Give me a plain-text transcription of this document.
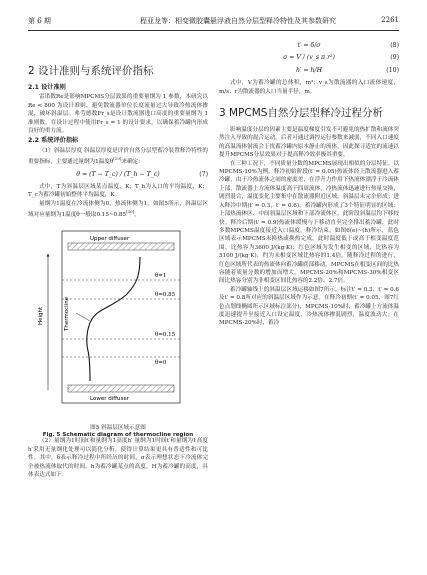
第 6 期	程亚龙等：相变微胶囊悬浮液自然分层型释冷特性及其参数研究	2261
2 设计准则与系统评价指标
2.1 设计准则

雷诺数Re是影响MPCMS分层效果的重要量纲为 1 参数，本研究以 Re < 800 为设计准则，避免散流器单位长度流量过大导致冷热流体掺混，破坏斜温层。弗劳德数Fr_s是设计散流器进口高度的重要量纲为 1 准则数，在设计过程中使用Fr_s = 1 的设计要求，以确保蓄冷罐内形成良好的重力流。

2.2 系统评价指标

（1）斜温层厚度 斜温层厚度是评价自然分层型蓄冷装置释冷特性的重要指标，主要通过量纲为1温度θ[29]来确定：

θ = (T − T_c) / (T_h − T_c)	(7)

式中，T为斜温层区域某点温度，K；T_h为入口的平均温度，K；T_c为蓄冷罐初始整体平均温度，K。

量纲为1温度在冷流体侧为0，热流体侧为1，如图5所示，斜温层区域对应量纲为1温度θ一般取0.15~0.85[30]。

Upper diffuser
Lower diffuser
Height
θ=1
θ=0.85
θ=0.15
θ=0
Thermocline
图5 斜温层区域示意图
Fig. 5 Schematic diagram of thermocline region

（2）量纲为1时间t′和量纲为1高度h′ 量纲为1时间t′和量纲为1高度h′采用无量纲化处理可以简化分析，使得计算结果更具有普适性和可比性。其中，δ表示释冷过程中所经历的时间，σ表示理想状态下冷流体完全被热流体取代的时间，h为蓄冷罐某点的高度，H为蓄冷罐的高度，具体表达式如下：

t′ = δ/σ	(8)
σ = V / (v_s π r²)	(9)
h′ = h/H	(10)

式中，V为蓄冷罐的总体积，m³；v_s为散流器的入口流体速度，m/s；r为散流器的入口当量半径，m。

3 MPCMS自然分层型释冷过程分析

影响温度分层的因素主要是温度梯度引发不可避免的热扩散和流体突然注入导致的混合运动。后者可通过调控运行参数来减弱，不同入口速度的高温流体射流会干扰蓄冷罐内原本静止的流体，因此探寻适宜的流速以提升MPCMS分层效果对于提高释冷效率极其重要。

在三种工况下，不同质量分数的MPCMS展现出相似的分层特征。以MPCMS-10%为例，释冷初始阶段(t′ = 0.05)热流体经上散流器进入蓄冷罐，由于冷热流体之间的密度差，在浮升力作用下热流体漂浮于冷流体上部，散流器上方流体温度高于四周流体，冷热流体迅速进行热量交换，剧烈混合，温度变化主要集中在散流器附近区域，斜温层未完全形成；进入释冷中期(t′ = 0.3，t′ = 0.6)，蓄冷罐内形成了3个特征明显的区域：上部热流体区、中间斜温层区域和下部冷流体区，此阶段斜温层均下移较快。释冷后期(t′ = 0.9)热流体缓慢与下移动直至完全排出蓄冷罐，此时多数MPCMS温度接近入口温度，释冷结束。如图6(e)~(h)所示，蓝色区域表示MPCMS未换热或换热完成，此时温度低于或高于相变温度范围，比热容为3600 J/(kg·K)；红色区域为发生相变的区域，比热容为5100 J/(kg·K)，约为未相变区域比热容的1.4倍。随释冷过程的进行，红色区域所代表的热流体向蓄冷罐底部移动。MPCMS在相变区间的比热容随着质量分数的增加而增大，MPCMS-20%和MPCMS-30%相变区间比热容分别为非相变区间比热容的2.2倍、2.7倍。

蓄冷罐轴线上的斜温层区域运移如图7所示，标注t′ = 0.3、t′ = 0.6及t′ = 0.8所对应的斜温层区域作为示意。在释冷初期(t′ = 0.05，图7红色点划线椭圆所示区域标注部分)，MPCMS-10%时，蓄冷罐上方流体温度迅速提升至接近入口设定温度，冷热流体掺混剧烈，温度波动大；在MPCMS-20%时，蓄冷
